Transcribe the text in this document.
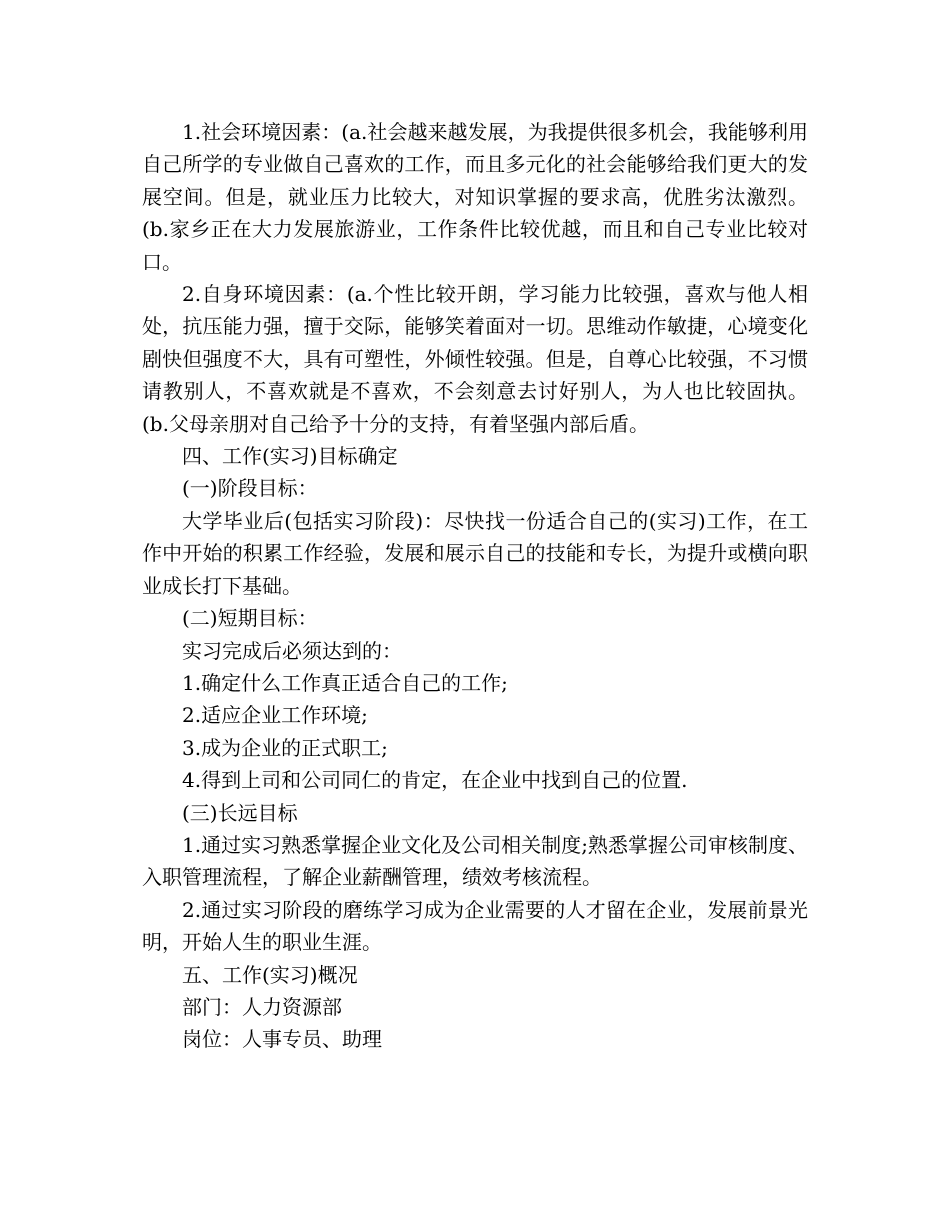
1.社会环境因素：(a.社会越来越发展，为我提供很多机会，我能够利用自己所学的专业做自己喜欢的工作，而且多元化的社会能够给我们更大的发展空间。但是，就业压力比较大，对知识掌握的要求高，优胜劣汰激烈。(b.家乡正在大力发展旅游业，工作条件比较优越，而且和自己专业比较对口。

2.自身环境因素：(a.个性比较开朗，学习能力比较强，喜欢与他人相处，抗压能力强，擅于交际，能够笑着面对一切。思维动作敏捷，心境变化剧快但强度不大，具有可塑性，外倾性较强。但是，自尊心比较强，不习惯请教别人，不喜欢就是不喜欢，不会刻意去讨好别人，为人也比较固执。(b.父母亲朋对自己给予十分的支持，有着坚强内部后盾。

四、工作(实习)目标确定

(一)阶段目标：

大学毕业后(包括实习阶段)：尽快找一份适合自己的(实习)工作，在工作中开始的积累工作经验，发展和展示自己的技能和专长，为提升或横向职业成长打下基础。

(二)短期目标：

实习完成后必须达到的：

1.确定什么工作真正适合自己的工作;

2.适应企业工作环境;

3.成为企业的正式职工;

4.得到上司和公司同仁的肯定，在企业中找到自己的位置.

(三)长远目标

1.通过实习熟悉掌握企业文化及公司相关制度;熟悉掌握公司审核制度、入职管理流程，了解企业薪酬管理，绩效考核流程。

2.通过实习阶段的磨练学习成为企业需要的人才留在企业，发展前景光明，开始人生的职业生涯。

五、工作(实习)概况

部门：人力资源部

岗位：人事专员、助理
